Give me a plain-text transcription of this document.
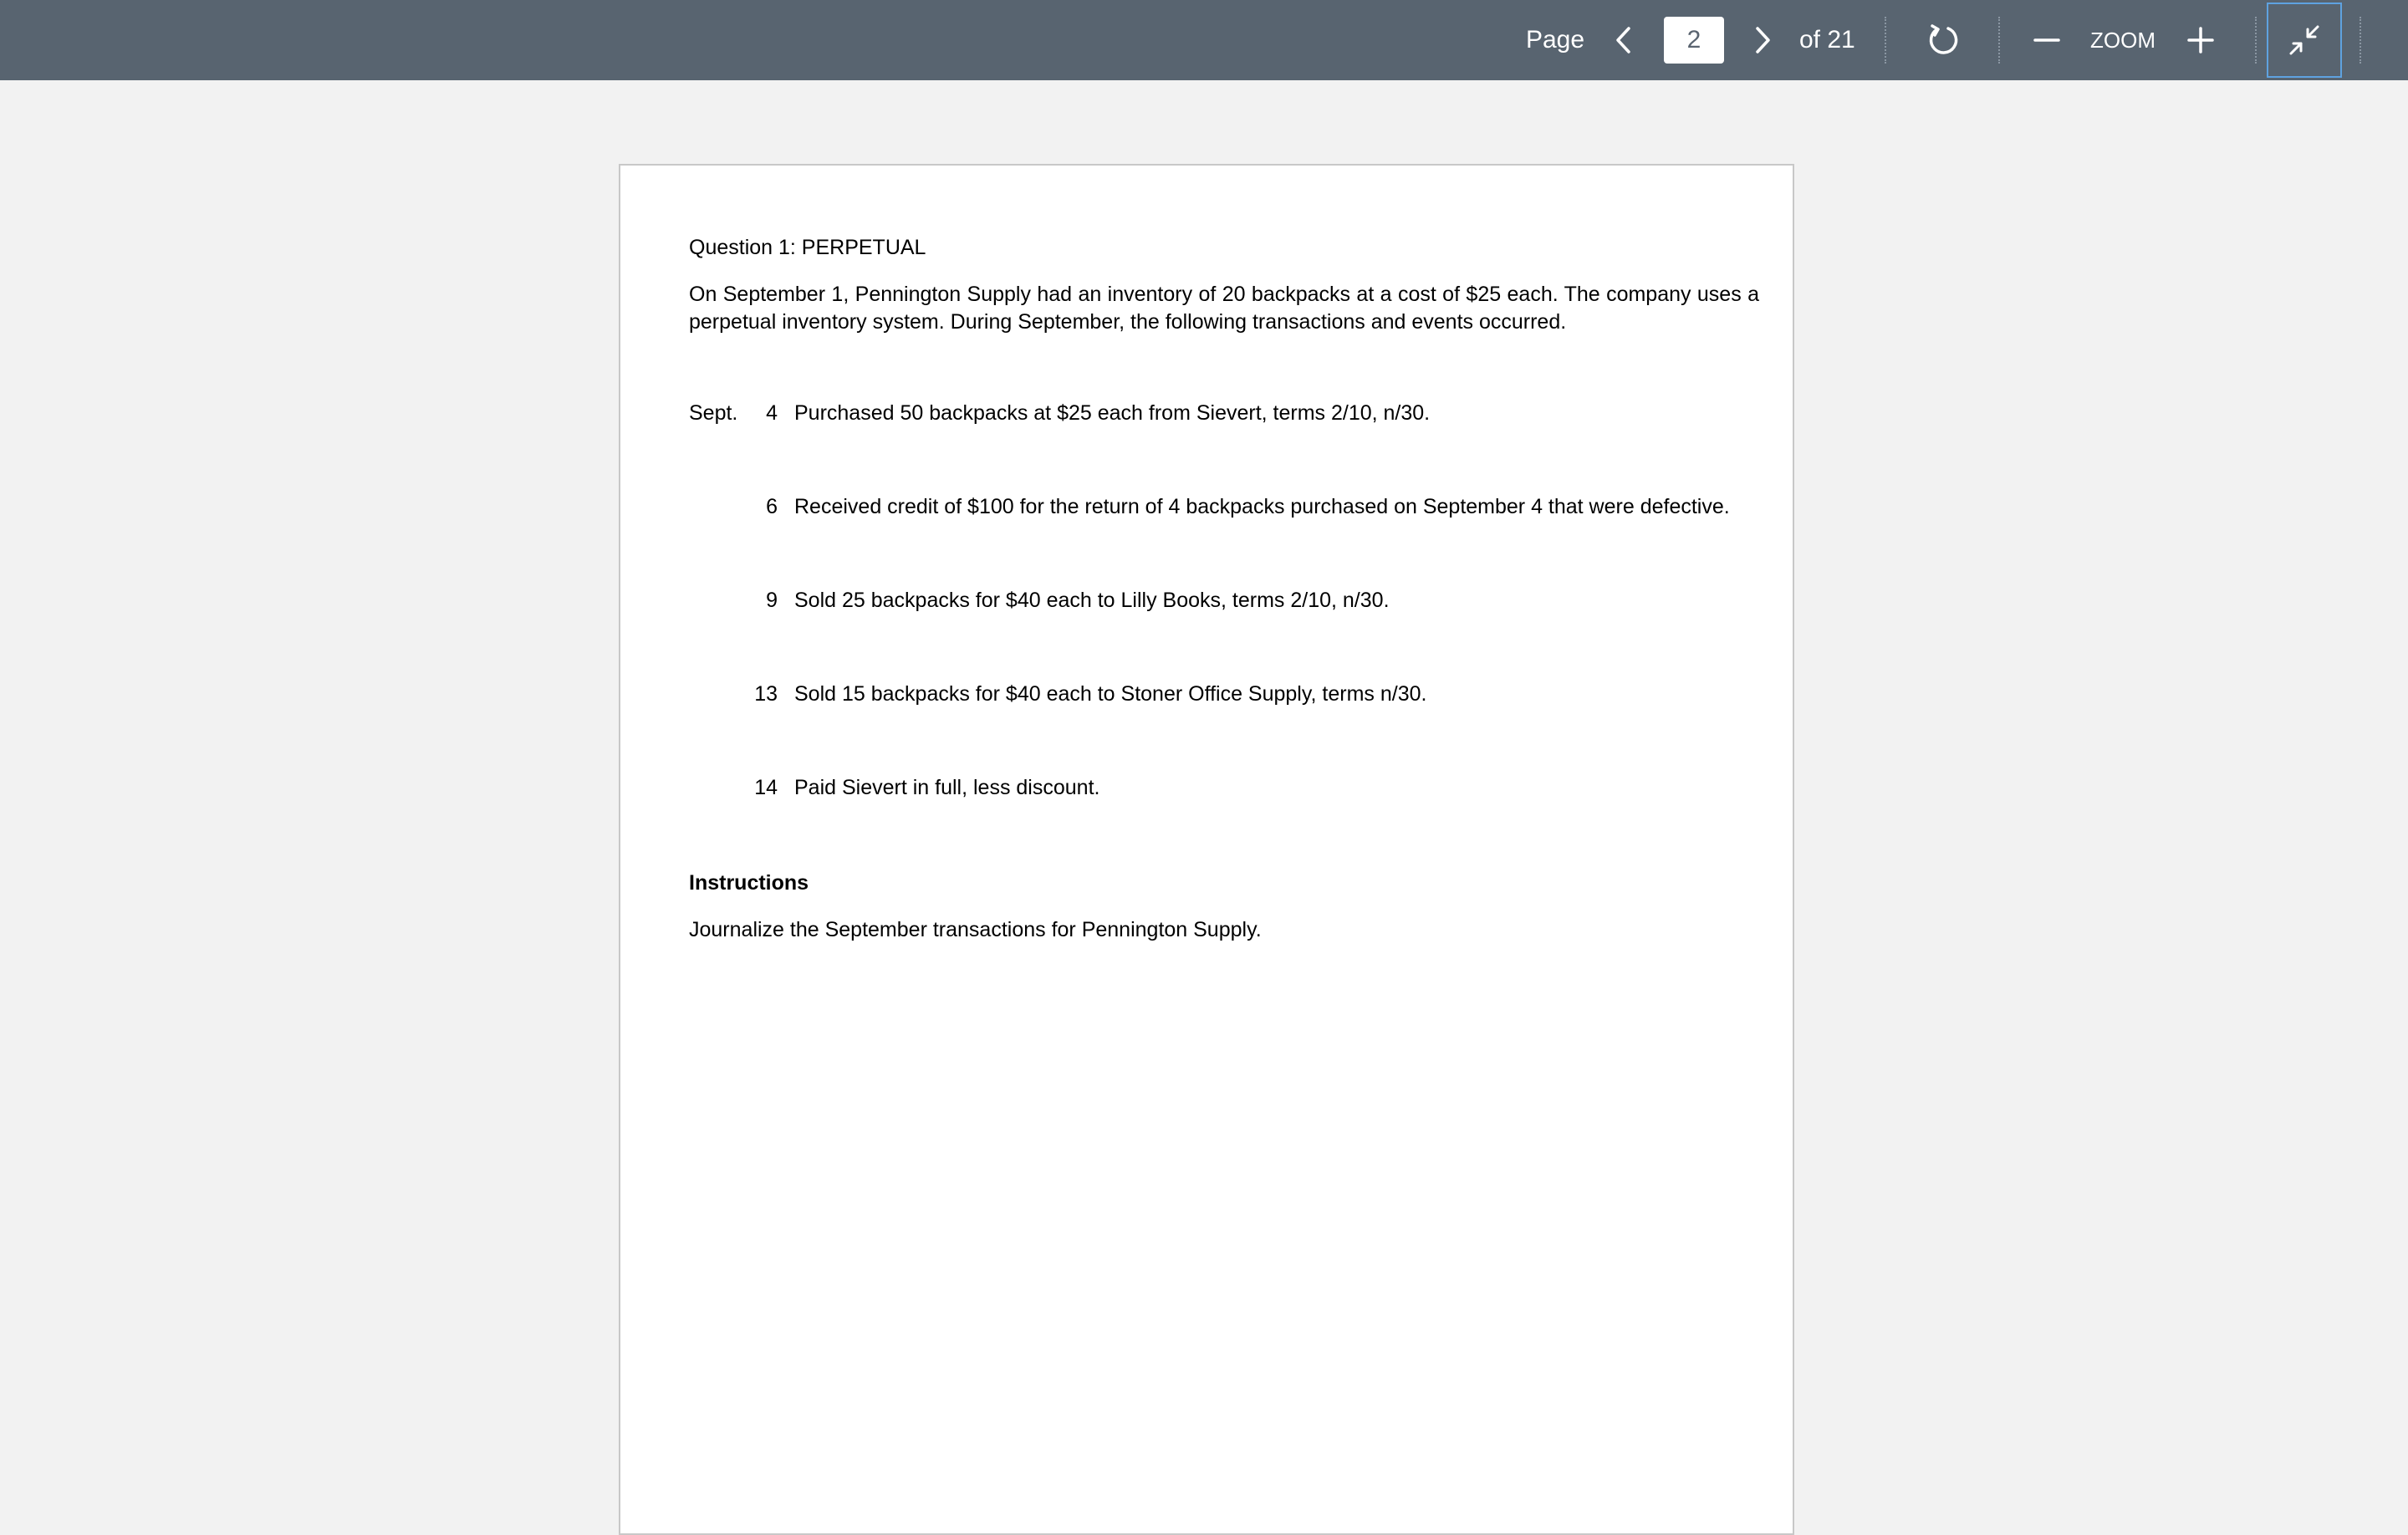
Page
2	of 21	ZOOM
Question 1: PERPETUAL
On September 1, Pennington Supply had an inventory of 20 backpacks at a cost of $25 each. The company uses a perpetual inventory system. During September, the following transactions and events occurred.
Sept.	4 Purchased 50 backpacks at $25 each from Sievert, terms 2/10, n/30.
6 Received credit of $100 for the return of 4 backpacks purchased on September 4 that were defective.
9 Sold 25 backpacks for $40 each to Lilly Books, terms 2/10, n/30.
13 Sold 15 backpacks for $40 each to Stoner Office Supply, terms n/30.
14 Paid Sievert in full, less discount.
Instructions
Journalize the September transactions for Pennington Supply.
